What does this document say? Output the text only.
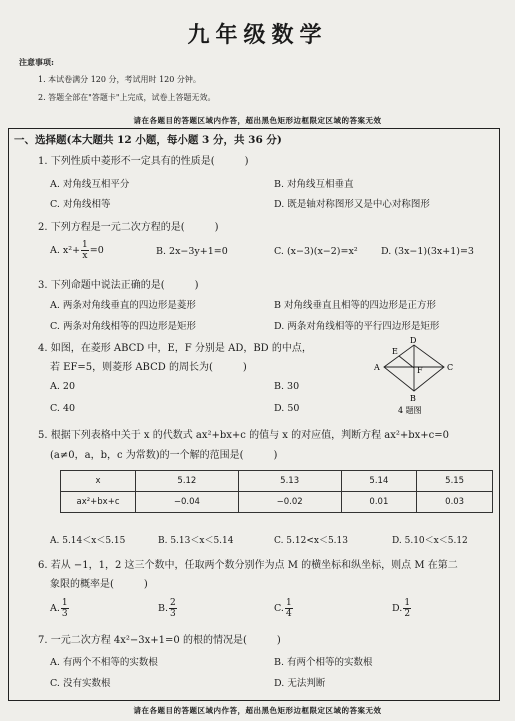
九年级数学
注意事项:
1. 本试卷满分 120 分，考试用时 120 分钟。
2. 答题全部在"答题卡"上完成，试卷上答题无效。
请在各题目的答题区域内作答，超出黑色矩形边框限定区域的答案无效
一、选择题(本大题共 12 小题，每小题 3 分，共 36 分)
1. 下列性质中菱形不一定具有的性质是(　　　)
A. 对角线互相平分	B. 对角线互相垂直
C. 对角线相等	D. 既是轴对称图形又是中心对称图形
2. 下列方程是一元二次方程的是(　　　)
A. $x^2+ \frac{1}{x} =0$	B. 2x−3y+1=0	C. (x−3)(x−2)=x² D. (3x−1)(3x+1)=3
3. 下列命题中说法正确的是(　　　)
A. 两条对角线垂直的四边形是菱形	B 对角线垂直且相等的四边形是正方形
C. 两条对角线相等的四边形是矩形	D. 两条对角线相等的平行四边形是矩形
4. 如图，在菱形 ABCD 中，E，F 分别是 AD，BD 的中点，
若 EF=5，则菱形 ABCD 的周长为(　　　)
A. 20	B. 30
C. 40	D. 50
A
D
C
B
E
F
4 题图
5. 根据下列表格中关于 x 的代数式 ax²+bx+c 的值与 x 的对应值，判断方程 ax²+bx+c=0
(a≠0，a，b，c 为常数)的一个解的范围是(　　　)
x	5.12	5.13	5.14	5.15
ax²+bx+c	−0.04	−0.02	0.01	0.03
A. 5.14＜x＜5.15	B. 5.13＜x＜5.14	C. 5.12<x＜5.13	D. 5.10＜x＜5.12
6. 若从 −1，1，2 这三个数中，任取两个数分别作为点 M 的横坐标和纵坐标，则点 M 在第二
象限的概率是(　　　)
A. $\frac{1}{3}$	B. $\frac{2}{3}$	C. $\frac{1}{4}$	D. $\frac{1}{2}$
7. 一元二次方程 4x²−3x+1=0 的根的情况是(　　　)
A. 有两个不相等的实数根	B. 有两个相等的实数根
C. 没有实数根	D. 无法判断
请在各题目的答题区域内作答，超出黑色矩形边框限定区域的答案无效
